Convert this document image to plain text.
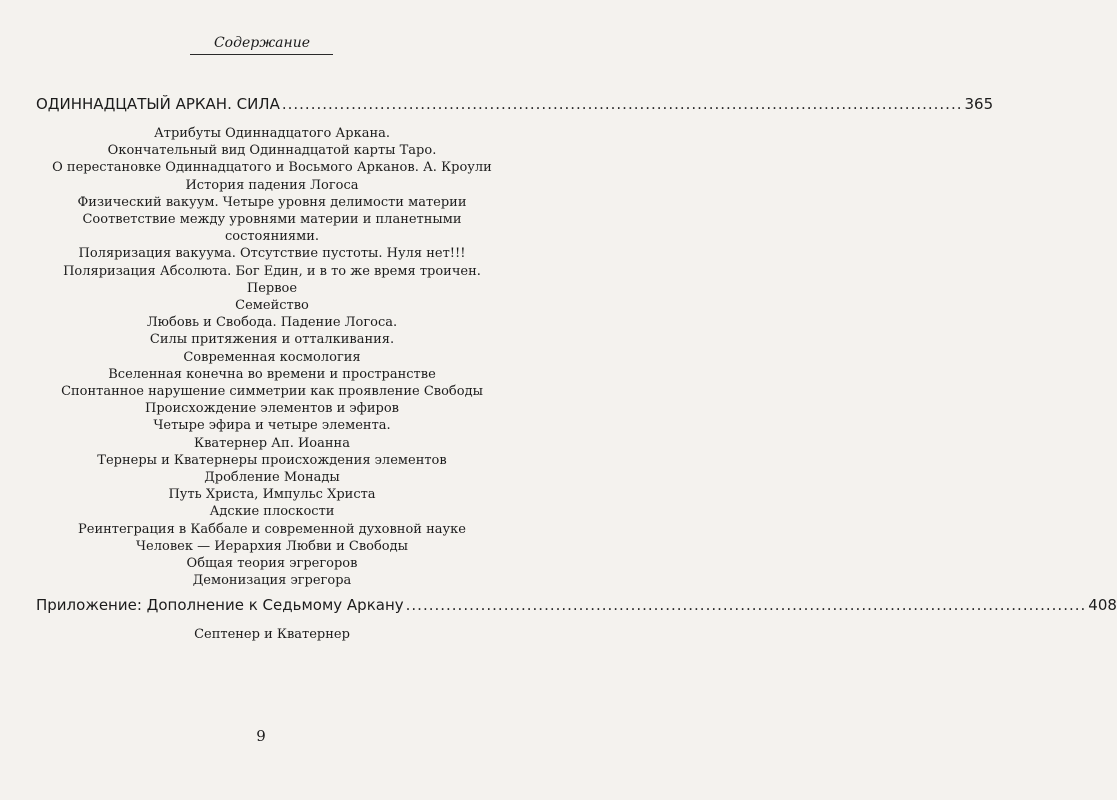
Содержание
ОДИННАДЦАТЫЙ АРКАН. СИЛА ...................................................................................................................... 365
Атрибуты Одиннадцатого Аркана.
Окончательный вид Одиннадцатой карты Таро.
О перестановке Одиннадцатого и Восьмого Арканов. А. Кроули
История падения Логоса
Физический вакуум. Четыре уровня делимости материи
Соответствие между уровнями материи и планетными
состояниями.
Поляризация вакуума. Отсутствие пустоты. Нуля нет!!!
Поляризация Абсолюта. Бог Един, и в то же время троичен. Первое
Семейство
Любовь и Свобода. Падение Логоса.
Силы притяжения и отталкивания.
Современная космология
Вселенная конечна во времени и пространстве
Спонтанное нарушение симметрии как проявление Свободы
Происхождение элементов и эфиров
Четыре эфира и четыре элемента.
Кватернер Ап. Иоанна
Тернеры и Кватернеры происхождения элементов
Дробление Монады
Путь Христа, Импульс Христа
Адские плоскости
Реинтеграция в Каббале и современной духовной науке
Человек — Иерархия Любви и Свободы
Общая теория эгрегоров
Демонизация эгрегора
Приложение: Дополнение к Седьмому Аркану ...................................................................................................................... 408
Септенер и Кватернер
9
